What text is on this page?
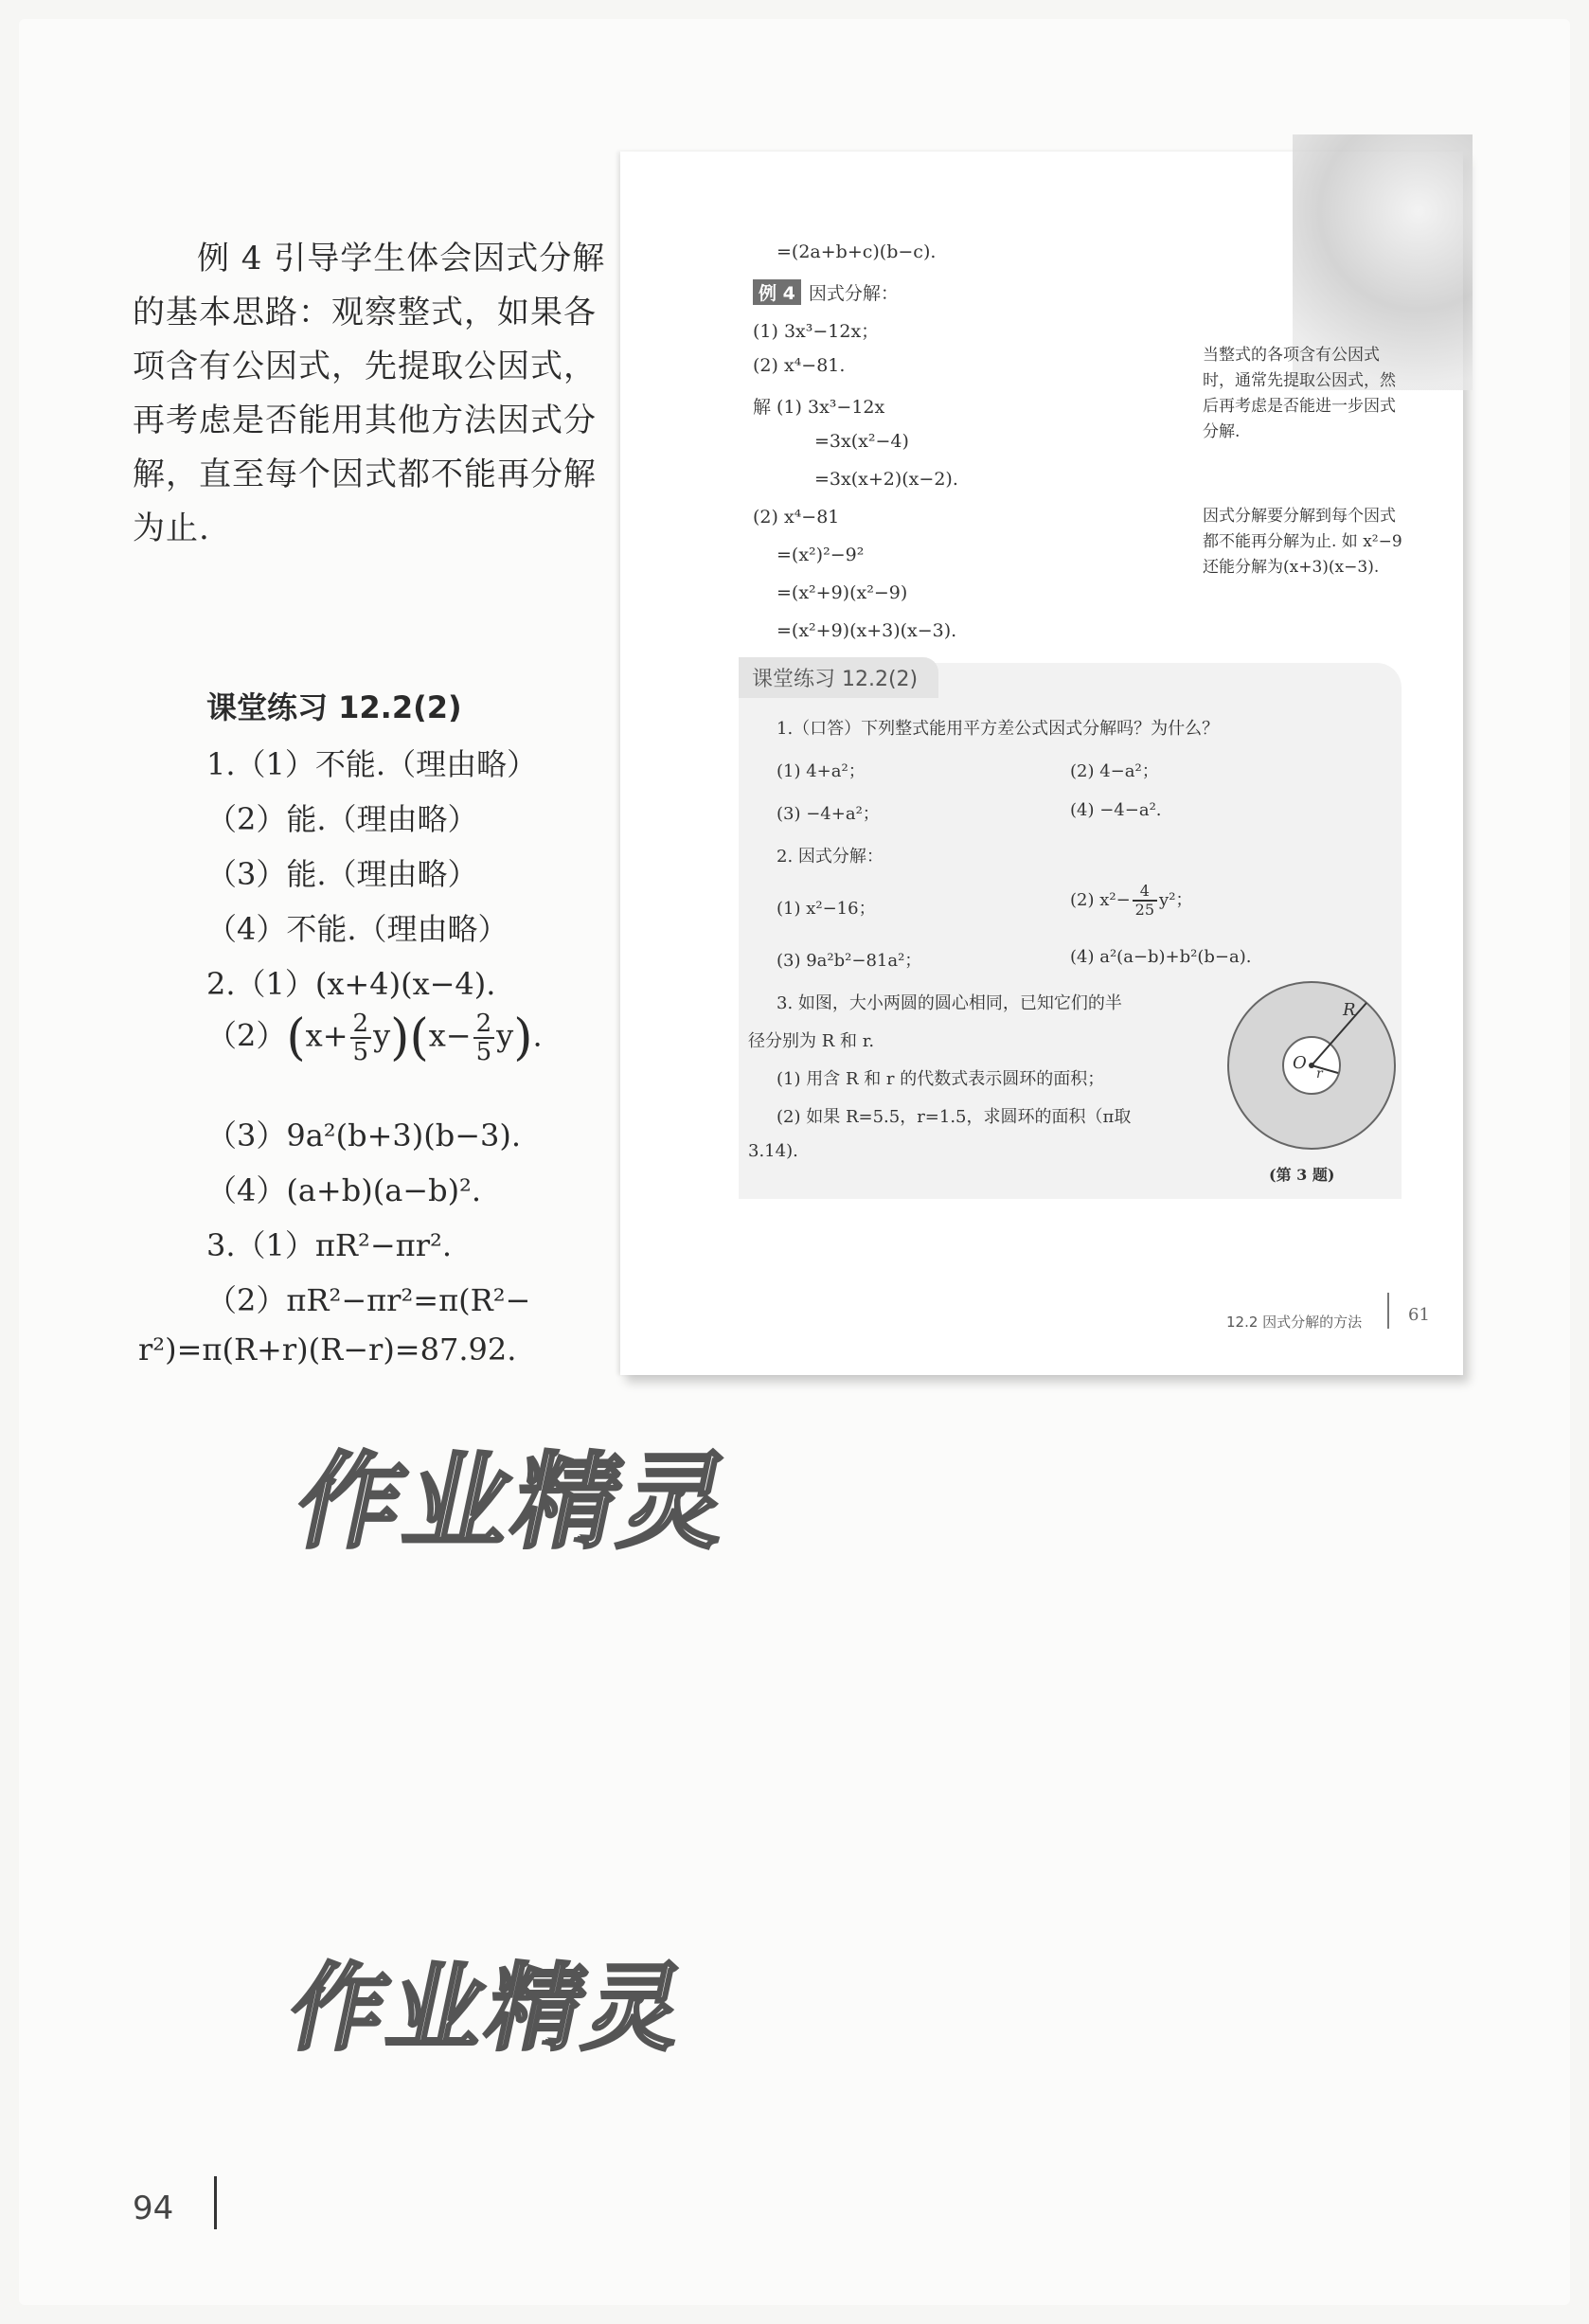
例 4 引导学生体会因式分解的基本思路：观察整式，如果各项含有公因式，先提取公因式，再考虑是否能用其他方法因式分解，直至每个因式都不能再分解为止.

课堂练习 12.2(2)
1.（1）不能.（理由略）
（2）能.（理由略）
（3）能.（理由略）
（4）不能.（理由略）
2.（1）(x+4)(x−4).
$(2)(x+ \frac{2}{5} y)(x- \frac{2}{5} y)$.
（3）9a²(b+3)(b−3).
（4）(a+b)(a−b)².
3.（1）πR²−πr².
（2）πR²−πr²=π(R²−
r²)=π(R+r)(R−r)=87.92.
=(2a+b+c)(b−c).
例 4 因式分解：
(1) 3x³−12x；
(2) x⁴−81.
解 (1) 3x³−12x
=3x(x²−4)
=3x(x+2)(x−2).
(2) x⁴−81
=(x²)²−9²
=(x²+9)(x²−9)
=(x²+9)(x+3)(x−3).
当整式的各项含有公因式时，通常先提取公因式，然后再考虑是否能进一步因式分解.
因式分解要分解到每个因式都不能再分解为止. 如 x²−9 还能分解为(x+3)(x−3).
课堂练习 12.2(2)
1.（口答）下列整式能用平方差公式因式分解吗？为什么？
(1) 4+a²；	(2) 4−a²；
(3) −4+a²；	(4) −4−a².
2. 因式分解：
(1) x²−16；	(2) $x^2- \frac{4}{25} y^2$；
(3) 9a²b²−81a²；	(4) a²(a−b)+b²(b−a).
3. 如图，大小两圆的圆心相同，已知它们的半
径分别为 R 和 r.
(1) 用含 R 和 r 的代数式表示圆环的面积；
(2) 如果 R=5.5，r=1.5，求圆环的面积（π取
3.14).
R
O
r
(第 3 题)
12.2 因式分解的方法	61
作业精灵
作业精灵
94
